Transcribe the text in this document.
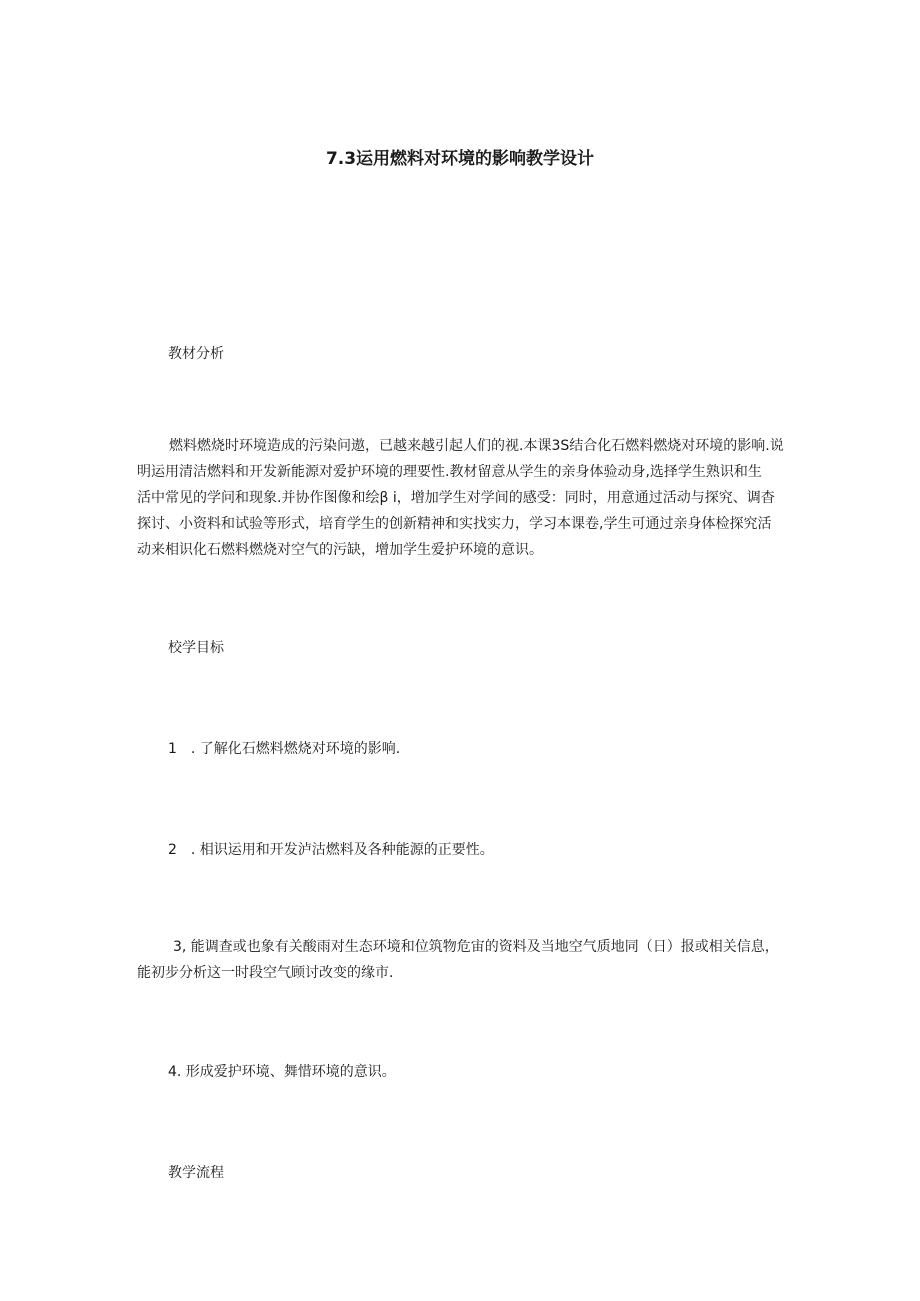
7.3运用燃料对环境的影响教学设计

教材分析

燃料燃烧时环境造成的污染问遨，已越来越引起人们的视.本课3S结合化石燃料燃烧对环境的影响.说
明运用清洁燃料和开发新能源对爱护环境的理要性.教材留意从学生的亲身体验动身,选择学生熟识和生
活中常见的学问和现象.并协作图像和绘β i，增加学生对学间的感受：同时，用意通过活动与探究、调杳
探讨、小资料和试验等形式，培育学生的创新精神和实找实力，学习本课卷,学生可通过亲身体检探究活
动来相识化石燃料燃烧对空气的污缺，增加学生爱护环境的意识。

校学目标

1　. 了解化石燃料燃烧对环境的影响.

2　. 相识运用和开发泸沽燃料及各种能源的正要性。

3, 能调查或也象有关酸雨对生态环境和位筑物危宙的资料及当地空气质地同（日）报或相关信息，
能初步分析这一时段空气顾讨改变的缘市.

4. 形成爱护环境、舞惜环境的意识。

教学流程
